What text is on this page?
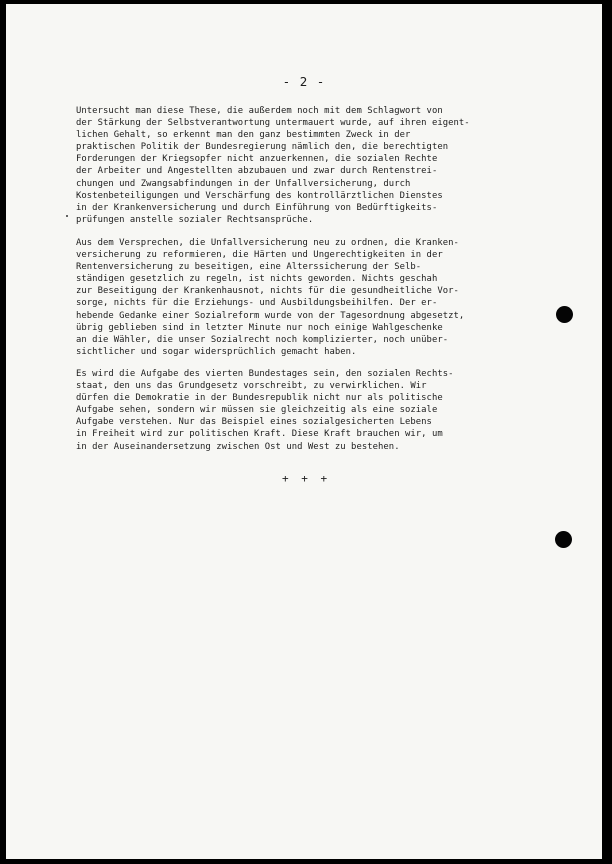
- 2 -

Untersucht man diese These, die außerdem noch mit dem Schlagwort von
der Stärkung der Selbstverantwortung untermauert wurde, auf ihren eigent-
lichen Gehalt, so erkennt man den ganz bestimmten Zweck in der
praktischen Politik der Bundesregierung nämlich den, die berechtigten
Forderungen der Kriegsopfer nicht anzuerkennen, die sozialen Rechte
der Arbeiter und Angestellten abzubauen und zwar durch Rentenstrei-
chungen und Zwangsabfindungen in der Unfallversicherung, durch
Kostenbeteiligungen und Verschärfung des kontrollärztlichen Dienstes
in der Krankenversicherung und durch Einführung von Bedürftigkeits-
prüfungen anstelle sozialer Rechtsansprüche.

Aus dem Versprechen, die Unfallversicherung neu zu ordnen, die Kranken-
versicherung zu reformieren, die Härten und Ungerechtigkeiten in der
Rentenversicherung zu beseitigen, eine Alterssicherung der Selb-
ständigen gesetzlich zu regeln, ist nichts geworden. Nichts geschah
zur Beseitigung der Krankenhausnot, nichts für die gesundheitliche Vor-
sorge, nichts für die Erziehungs- und Ausbildungsbeihilfen. Der er-
hebende Gedanke einer Sozialreform wurde von der Tagesordnung abgesetzt,
übrig geblieben sind in letzter Minute nur noch einige Wahlgeschenke
an die Wähler, die unser Sozialrecht noch komplizierter, noch unüber-
sichtlicher und sogar widersprüchlich gemacht haben.

Es wird die Aufgabe des vierten Bundestages sein, den sozialen Rechts-
staat, den uns das Grundgesetz vorschreibt, zu verwirklichen. Wir
dürfen die Demokratie in der Bundesrepublik nicht nur als politische
Aufgabe sehen, sondern wir müssen sie gleichzeitig als eine soziale
Aufgabe verstehen. Nur das Beispiel eines sozialgesicherten Lebens
in Freiheit wird zur politischen Kraft. Diese Kraft brauchen wir, um
in der Auseinandersetzung zwischen Ost und West zu bestehen.

+ + +
